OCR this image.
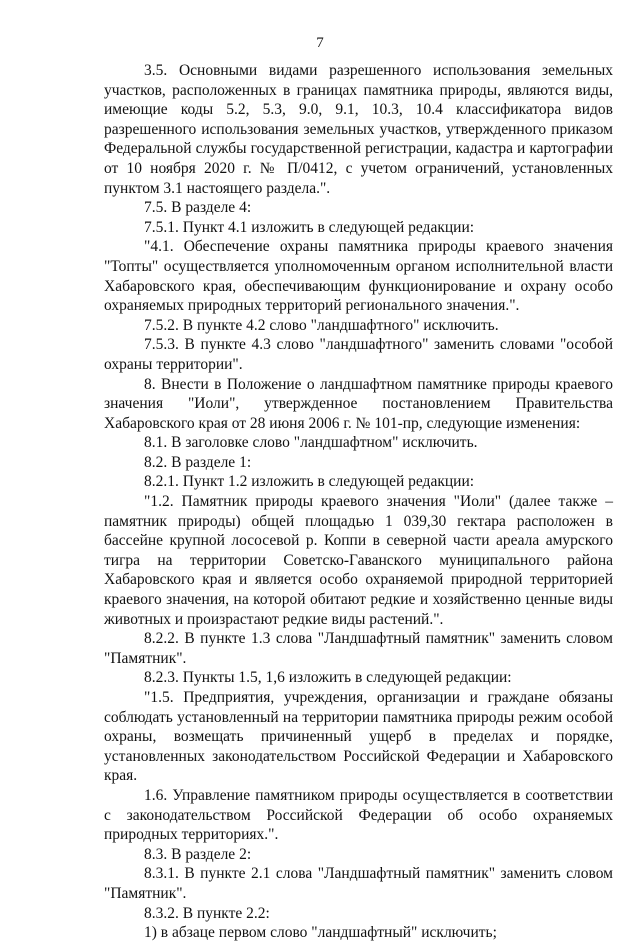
7

3.5. Основными видами разрешенного использования земельных участков, расположенных в границах памятника природы, являются виды, имеющие коды 5.2, 5.3, 9.0, 9.1, 10.3, 10.4 классификатора видов разрешенного использования земельных участков, утвержденного приказом Федеральной службы государственной регистрации, кадастра и картографии от 10 ноября 2020 г. № П/0412, с учетом ограничений, установленных пунктом 3.1 настоящего раздела.".

7.5. В разделе 4:

7.5.1. Пункт 4.1 изложить в следующей редакции:

"4.1. Обеспечение охраны памятника природы краевого значения "Топты" осуществляется уполномоченным органом исполнительной власти Хабаровского края, обеспечивающим функционирование и охрану особо охраняемых природных территорий регионального значения.".

7.5.2. В пункте 4.2 слово "ландшафтного" исключить.

7.5.3. В пункте 4.3 слово "ландшафтного" заменить словами "особой охраны территории".

8. Внести в Положение о ландшафтном памятнике природы краевого значения "Иоли", утвержденное постановлением Правительства Хабаровского края от 28 июня 2006 г. № 101-пр, следующие изменения:

8.1. В заголовке слово "ландшафтном" исключить.

8.2. В разделе 1:

8.2.1. Пункт 1.2 изложить в следующей редакции:

"1.2. Памятник природы краевого значения "Иоли" (далее также – памятник природы) общей площадью 1 039,30 гектара расположен в бассейне крупной лососевой р. Коппи в северной части ареала амурского тигра на территории Советско-Гаванского муниципального района Хабаровского края и является особо охраняемой природной территорией краевого значения, на которой обитают редкие и хозяйственно ценные виды животных и произрастают редкие виды растений.".

8.2.2. В пункте 1.3 слова "Ландшафтный памятник" заменить словом "Памятник".

8.2.3. Пункты 1.5, 1,6 изложить в следующей редакции:

"1.5. Предприятия, учреждения, организации и граждане обязаны соблюдать установленный на территории памятника природы режим особой охраны, возмещать причиненный ущерб в пределах и порядке, установленных законодательством Российской Федерации и Хабаровского края.

1.6. Управление памятником природы осуществляется в соответствии с законодательством Российской Федерации об особо охраняемых природных территориях.".

8.3. В разделе 2:

8.3.1. В пункте 2.1 слова "Ландшафтный памятник" заменить словом "Памятник".

8.3.2. В пункте 2.2:

1) в абзаце первом слово "ландшафтный" исключить;
